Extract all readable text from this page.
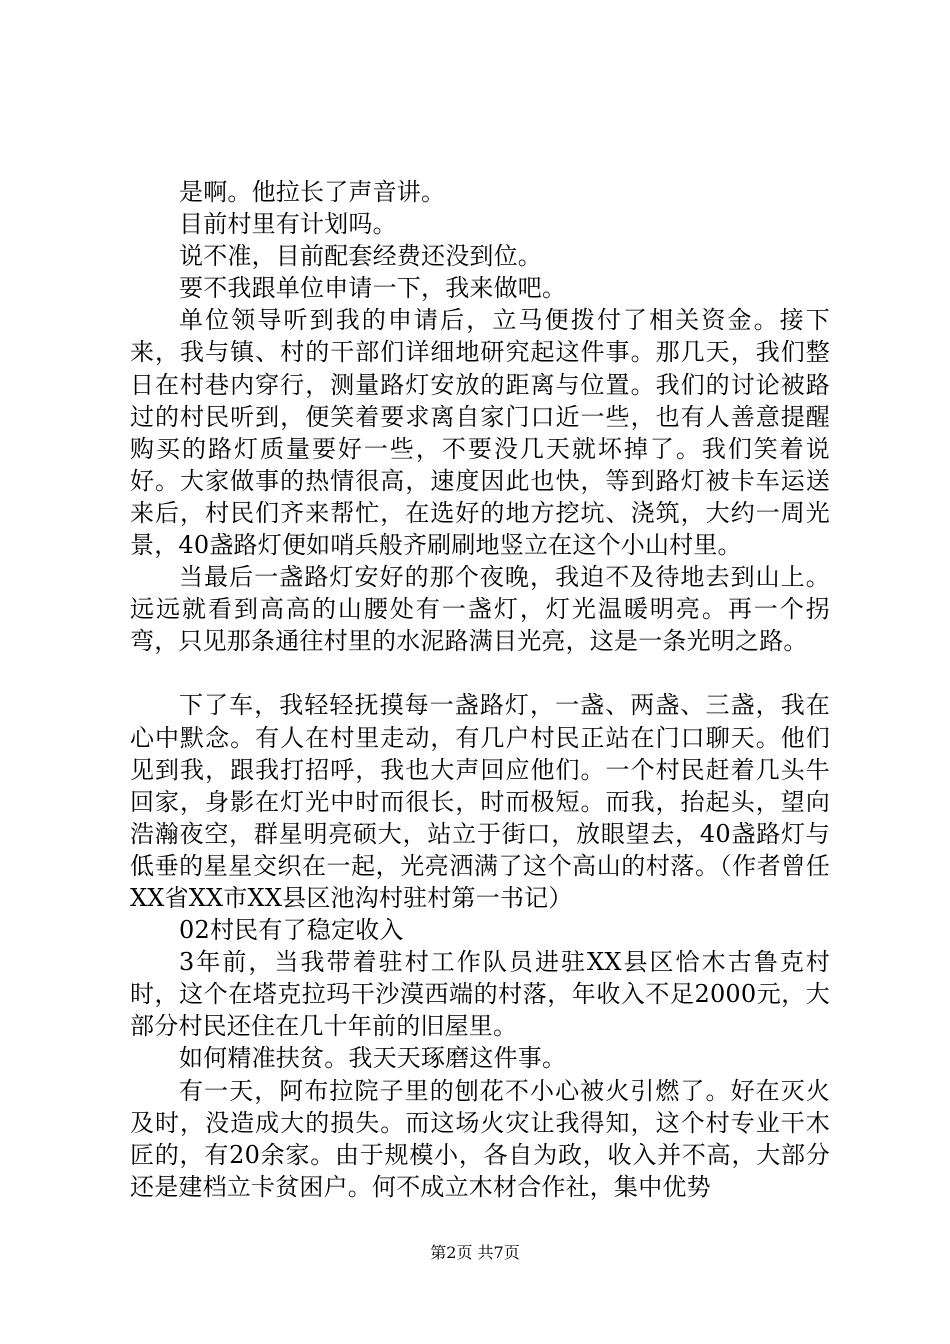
是啊。他拉长了声音讲。

目前村里有计划吗。

说不准，目前配套经费还没到位。

要不我跟单位申请一下，我来做吧。

单位领导听到我的申请后，立马便拨付了相关资金。接下来，我与镇、村的干部们详细地研究起这件事。那几天，我们整日在村巷内穿行，测量路灯安放的距离与位置。我们的讨论被路过的村民听到，便笑着要求离自家门口近一些，也有人善意提醒购买的路灯质量要好一些，不要没几天就坏掉了。我们笑着说好。大家做事的热情很高，速度因此也快，等到路灯被卡车运送来后，村民们齐来帮忙，在选好的地方挖坑、浇筑，大约一周光景，40盏路灯便如哨兵般齐刷刷地竖立在这个小山村里。

当最后一盏路灯安好的那个夜晚，我迫不及待地去到山上。远远就看到高高的山腰处有一盏灯，灯光温暖明亮。再一个拐弯，只见那条通往村里的水泥路满目光亮，这是一条光明之路。

下了车，我轻轻抚摸每一盏路灯，一盏、两盏、三盏，我在心中默念。有人在村里走动，有几户村民正站在门口聊天。他们见到我，跟我打招呼，我也大声回应他们。一个村民赶着几头牛回家，身影在灯光中时而很长，时而极短。而我，抬起头，望向浩瀚夜空，群星明亮硕大，站立于街口，放眼望去，40盏路灯与低垂的星星交织在一起，光亮洒满了这个高山的村落。（作者曾任XX省XX市XX县区池沟村驻村第一书记）

02村民有了稳定收入

3年前，当我带着驻村工作队员进驻XX县区恰木古鲁克村时，这个在塔克拉玛干沙漠西端的村落，年收入不足2000元，大部分村民还住在几十年前的旧屋里。

如何精准扶贫。我天天琢磨这件事。

有一天，阿布拉院子里的刨花不小心被火引燃了。好在灭火及时，没造成大的损失。而这场火灾让我得知，这个村专业干木匠的，有20余家。由于规模小，各自为政，收入并不高，大部分还是建档立卡贫困户。何不成立木材合作社，集中优势

第2页 共7页
